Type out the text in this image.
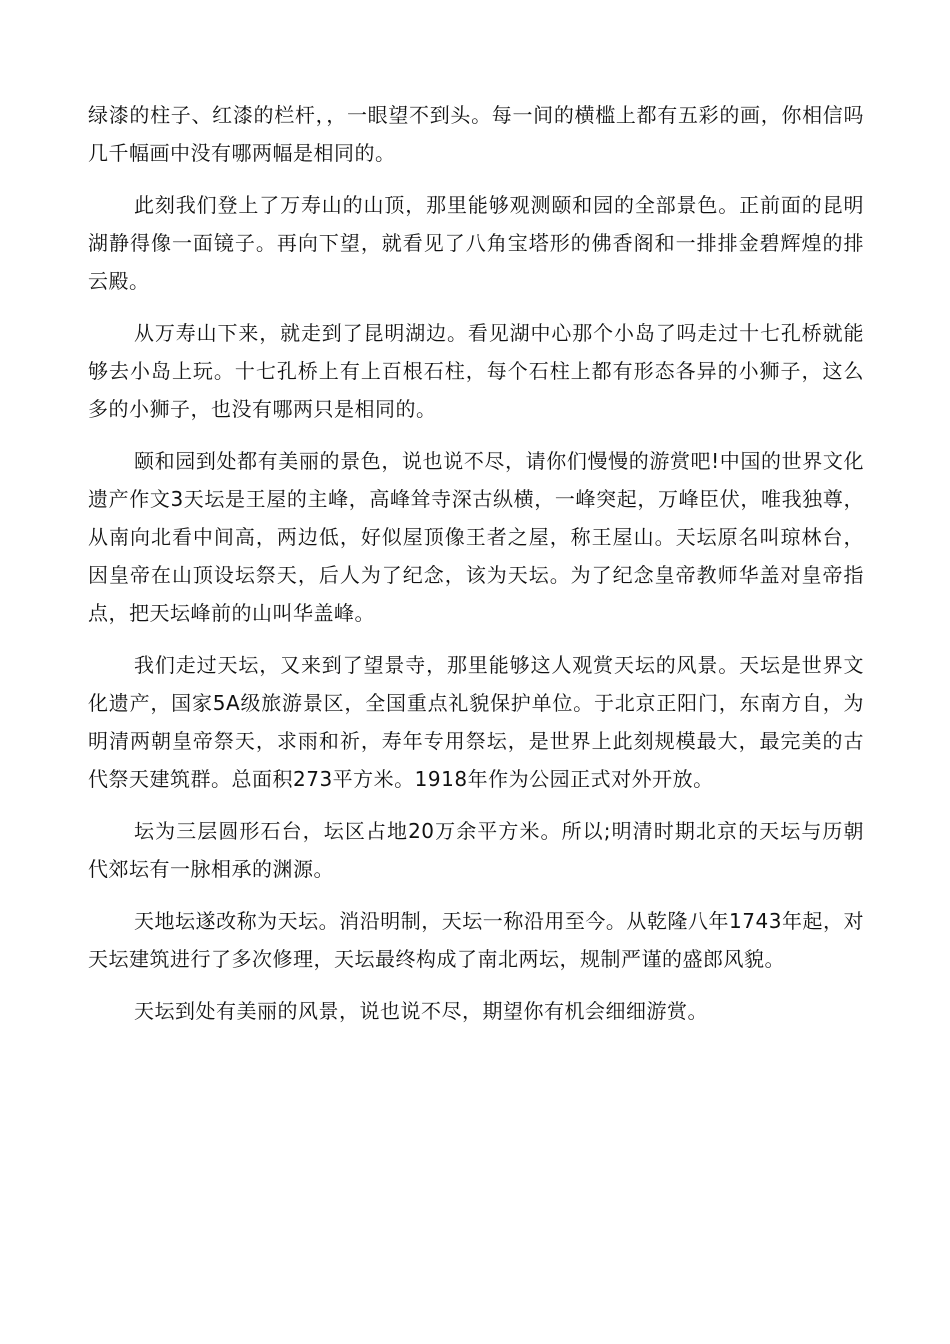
绿漆的柱子、红漆的栏杆，，一眼望不到头。每一间的横槛上都有五彩的画，你相信吗几千幅画中没有哪两幅是相同的。

此刻我们登上了万寿山的山顶，那里能够观测颐和园的全部景色。正前面的昆明湖静得像一面镜子。再向下望，就看见了八角宝塔形的佛香阁和一排排金碧辉煌的排云殿。

从万寿山下来，就走到了昆明湖边。看见湖中心那个小岛了吗走过十七孔桥就能够去小岛上玩。十七孔桥上有上百根石柱，每个石柱上都有形态各异的小狮子，这么多的小狮子，也没有哪两只是相同的。

颐和园到处都有美丽的景色，说也说不尽，请你们慢慢的游赏吧!中国的世界文化遗产作文3天坛是王屋的主峰，高峰耸寺深古纵横，一峰突起，万峰臣伏，唯我独尊，从南向北看中间高，两边低，好似屋顶像王者之屋，称王屋山。天坛原名叫琼林台，因皇帝在山顶设坛祭天，后人为了纪念，该为天坛。为了纪念皇帝教师华盖对皇帝指点，把天坛峰前的山叫华盖峰。

我们走过天坛，又来到了望景寺，那里能够这人观赏天坛的风景。天坛是世界文化遗产，国家5A级旅游景区，全国重点礼貌保护单位。于北京正阳门，东南方自，为明清两朝皇帝祭天，求雨和祈，寿年专用祭坛，是世界上此刻规模最大，最完美的古代祭天建筑群。总面积273平方米。1918年作为公园正式对外开放。

坛为三层圆形石台，坛区占地20万余平方米。所以;明清时期北京的天坛与历朝代郊坛有一脉相承的渊源。

天地坛遂改称为天坛。消沿明制，天坛一称沿用至今。从乾隆八年1743年起，对天坛建筑进行了多次修理，天坛最终构成了南北两坛，规制严谨的盛郎风貌。

天坛到处有美丽的风景，说也说不尽，期望你有机会细细游赏。
